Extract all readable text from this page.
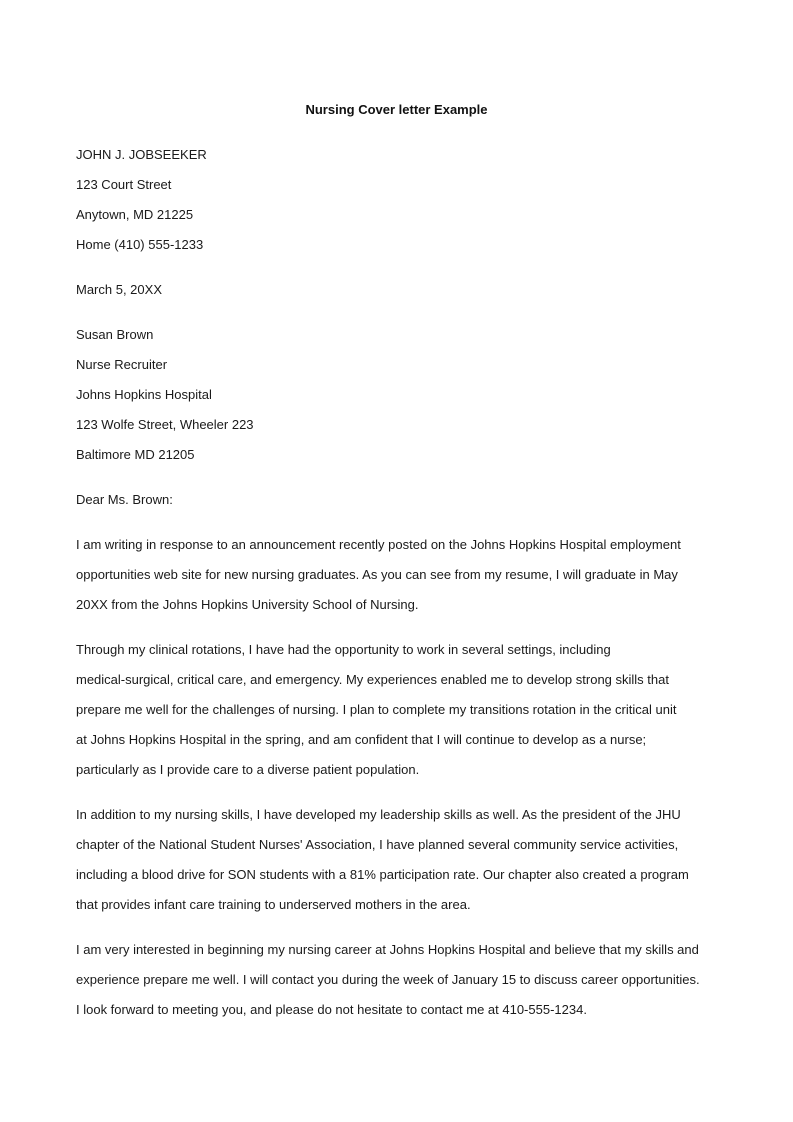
Nursing Cover letter Example
JOHN J. JOBSEEKER
123 Court Street
Anytown, MD 21225
Home (410) 555-1233
March 5, 20XX
Susan Brown
Nurse Recruiter
Johns Hopkins Hospital
123 Wolfe Street, Wheeler 223
Baltimore MD 21205
Dear Ms. Brown:
I am writing in response to an announcement recently posted on the Johns Hopkins Hospital employment
opportunities web site for new nursing graduates. As you can see from my resume, I will graduate in May
20XX from the Johns Hopkins University School of Nursing.
Through my clinical rotations, I have had the opportunity to work in several settings, including
medical-surgical, critical care, and emergency. My experiences enabled me to develop strong skills that
prepare me well for the challenges of nursing. I plan to complete my transitions rotation in the critical unit
at Johns Hopkins Hospital in the spring, and am confident that I will continue to develop as a nurse;
particularly as I provide care to a diverse patient population.
In addition to my nursing skills, I have developed my leadership skills as well. As the president of the JHU
chapter of the National Student Nurses' Association, I have planned several community service activities,
including a blood drive for SON students with a 81% participation rate. Our chapter also created a program
that provides infant care training to underserved mothers in the area.
I am very interested in beginning my nursing career at Johns Hopkins Hospital and believe that my skills and
experience prepare me well. I will contact you during the week of January 15 to discuss career opportunities.
I look forward to meeting you, and please do not hesitate to contact me at 410-555-1234.
